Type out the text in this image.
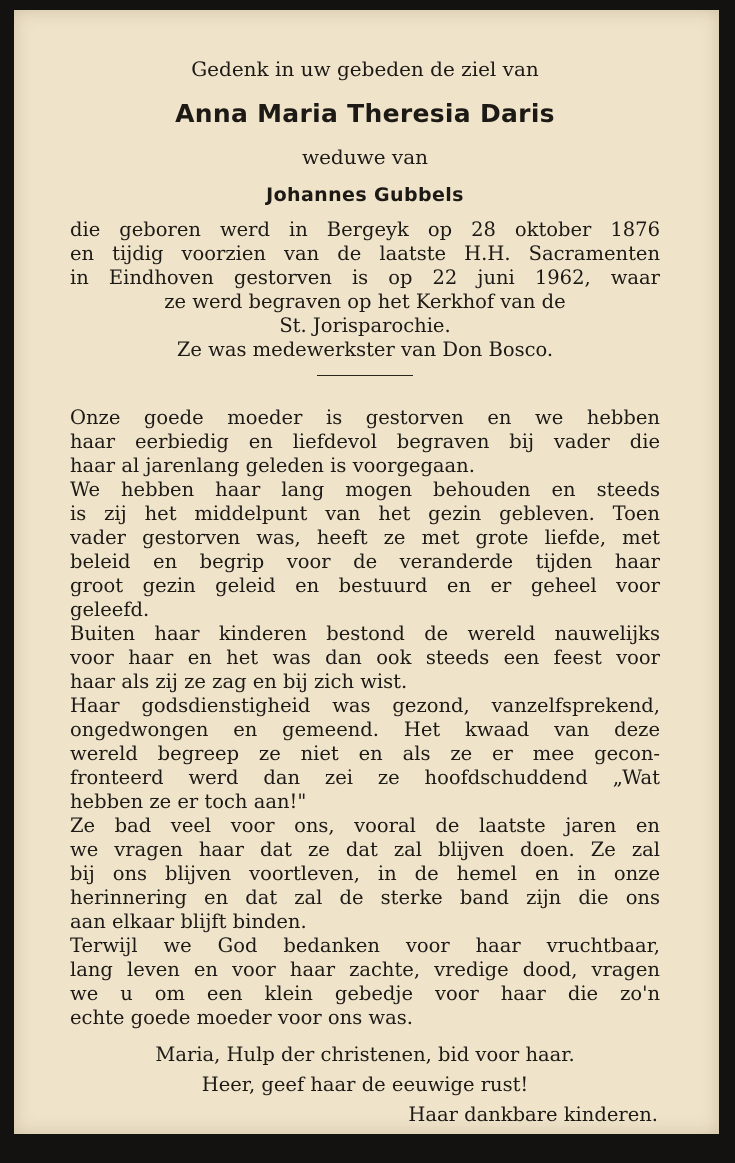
Gedenk in uw gebeden de ziel van

Anna Maria Theresia Daris

weduwe van

Johannes Gubbels

die geboren werd in Bergeyk op 28 oktober 1876
en tijdig voorzien van de laatste H.H. Sacramenten
in Eindhoven gestorven is op 22 juni 1962, waar
ze werd begraven op het Kerkhof van de
St. Jorisparochie.
Ze was medewerkster van Don Bosco.
Onze goede moeder is gestorven en we hebben
haar eerbiedig en liefdevol begraven bij vader die
haar al jarenlang geleden is voorgegaan.
We hebben haar lang mogen behouden en steeds
is zij het middelpunt van het gezin gebleven. Toen
vader gestorven was, heeft ze met grote liefde, met
beleid en begrip voor de veranderde tijden haar
groot gezin geleid en bestuurd en er geheel voor
geleefd.
Buiten haar kinderen bestond de wereld nauwelijks
voor haar en het was dan ook steeds een feest voor
haar als zij ze zag en bij zich wist.
Haar godsdienstigheid was gezond, vanzelfsprekend,
ongedwongen en gemeend. Het kwaad van deze
wereld begreep ze niet en als ze er mee gecon-
fronteerd werd dan zei ze hoofdschuddend „Wat
hebben ze er toch aan!"
Ze bad veel voor ons, vooral de laatste jaren en
we vragen haar dat ze dat zal blijven doen. Ze zal
bij ons blijven voortleven, in de hemel en in onze
herinnering en dat zal de sterke band zijn die ons
aan elkaar blijft binden.
Terwijl we God bedanken voor haar vruchtbaar,
lang leven en voor haar zachte, vredige dood, vragen
we u om een klein gebedje voor haar die zo'n
echte goede moeder voor ons was.
Maria, Hulp der christenen, bid voor haar.
Heer, geef haar de eeuwige rust!
Haar dankbare kinderen.
